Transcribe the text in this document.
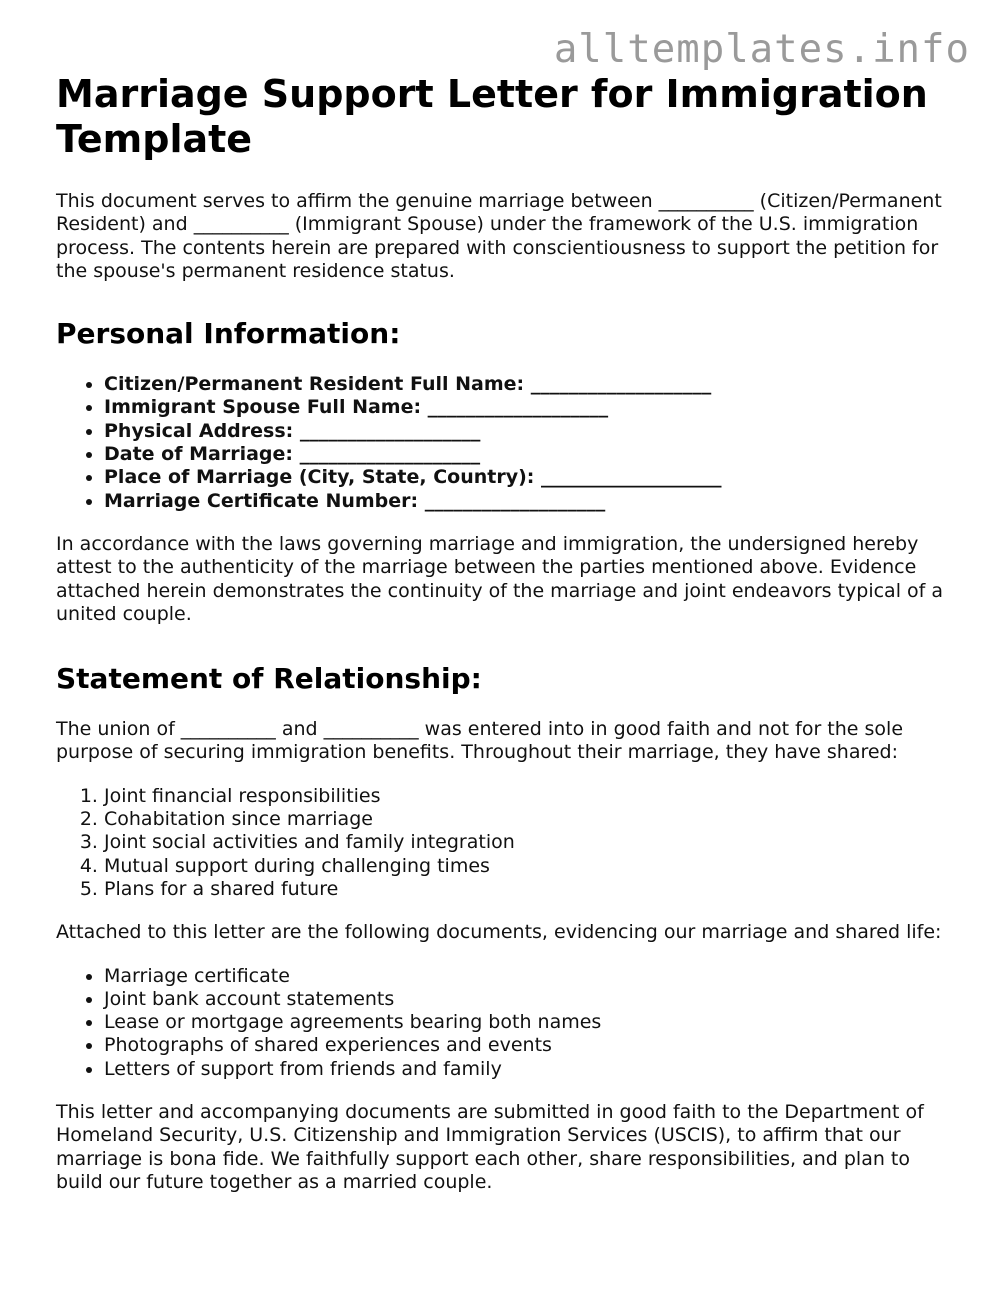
alltemplates.info
Marriage Support Letter for Immigration Template

This document serves to affirm the genuine marriage between __________ (Citizen/Permanent Resident) and __________ (Immigrant Spouse) under the framework of the U.S. immigration process. The contents herein are prepared with conscientiousness to support the petition for the spouse's permanent residence status.

Personal Information:
• Citizen/Permanent Resident Full Name: ___________________
• Immigrant Spouse Full Name: ___________________
• Physical Address: ___________________
• Date of Marriage: ___________________
• Place of Marriage (City, State, Country): ___________________
• Marriage Certificate Number: ___________________

In accordance with the laws governing marriage and immigration, the undersigned hereby attest to the authenticity of the marriage between the parties mentioned above. Evidence attached herein demonstrates the continuity of the marriage and joint endeavors typical of a united couple.

Statement of Relationship:

The union of __________ and __________ was entered into in good faith and not for the sole purpose of securing immigration benefits. Throughout their marriage, they have shared:

1. Joint financial responsibilities
2. Cohabitation since marriage
3. Joint social activities and family integration
4. Mutual support during challenging times
5. Plans for a shared future

Attached to this letter are the following documents, evidencing our marriage and shared life:

• Marriage certificate
• Joint bank account statements
• Lease or mortgage agreements bearing both names
• Photographs of shared experiences and events
• Letters of support from friends and family

This letter and accompanying documents are submitted in good faith to the Department of Homeland Security, U.S. Citizenship and Immigration Services (USCIS), to affirm that our marriage is bona fide. We faithfully support each other, share responsibilities, and plan to build our future together as a married couple.
